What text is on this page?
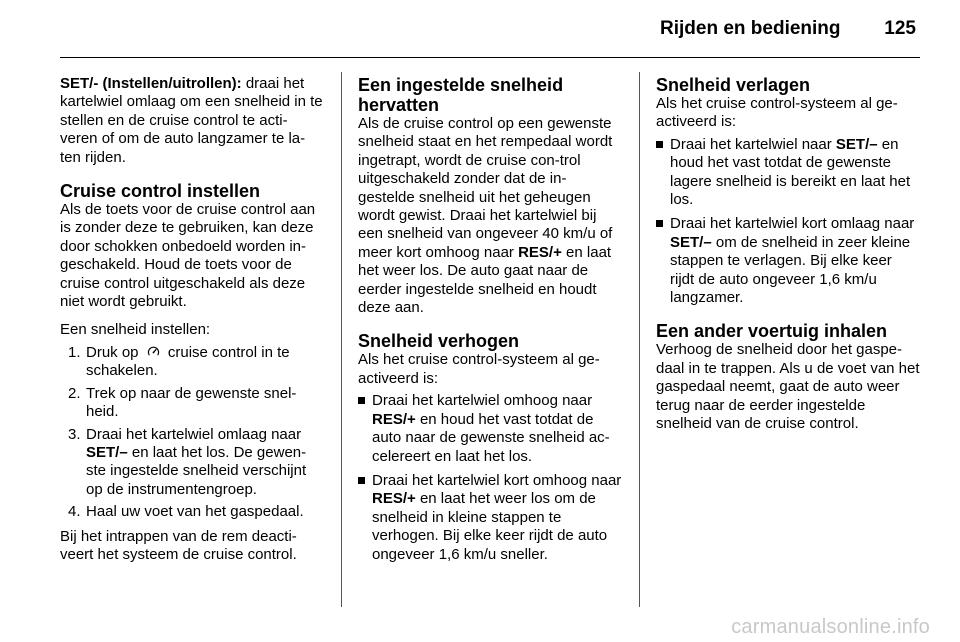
Rijden en bediening	125

SET/- (Instellen/uitrollen): draai het kartelwiel omlaag om een snelheid in te stellen en de cruise control te acti-veren of om de auto langzamer te la-ten rijden.

Cruise control instellen

Als de toets voor de cruise control aan is zonder deze te gebruiken, kan deze door schokken onbedoeld worden in-geschakeld. Houd de toets voor de cruise control uitgeschakeld als deze niet wordt gebruikt.

Een snelheid instellen:

1. Druk op cruise control in te schakelen.
2. Trek op naar de gewenste snel-heid.
3. Draai het kartelwiel omlaag naar SET/– en laat het los. De gewen-ste ingestelde snelheid verschijnt op de instrumentengroep.
4. Haal uw voet van het gaspedaal.

Bij het intrappen van de rem deacti-veert het systeem de cruise control.

Een ingestelde snelheid hervatten

Als de cruise control op een gewenste snelheid staat en het rempedaal wordt ingetrapt, wordt de cruise con-trol uitgeschakeld zonder dat de in-gestelde snelheid uit het geheugen wordt gewist. Draai het kartelwiel bij een snelheid van ongeveer 40 km/u of meer kort omhoog naar RES/+ en laat het weer los. De auto gaat naar de eerder ingestelde snelheid en houdt deze aan.

Snelheid verhogen

Als het cruise control-systeem al ge-activeerd is:

Draai het kartelwiel omhoog naar RES/+ en houd het vast totdat de auto naar de gewenste snelheid ac-celereert en laat het los.
Draai het kartelwiel kort omhoog naar RES/+ en laat het weer los om de snelheid in kleine stappen te verhogen. Bij elke keer rijdt de auto ongeveer 1,6 km/u sneller.
Snelheid verlagen

Als het cruise control-systeem al ge-activeerd is:

Draai het kartelwiel naar SET/– en houd het vast totdat de gewenste lagere snelheid is bereikt en laat het los.
Draai het kartelwiel kort omlaag naar SET/– om de snelheid in zeer kleine stappen te verlagen. Bij elke keer rijdt de auto ongeveer 1,6 km/u langzamer.
Een ander voertuig inhalen

Verhoog de snelheid door het gaspe-daal in te trappen. Als u de voet van het gaspedaal neemt, gaat de auto weer terug naar de eerder ingestelde snelheid van de cruise control.

carmanualsonline.info
